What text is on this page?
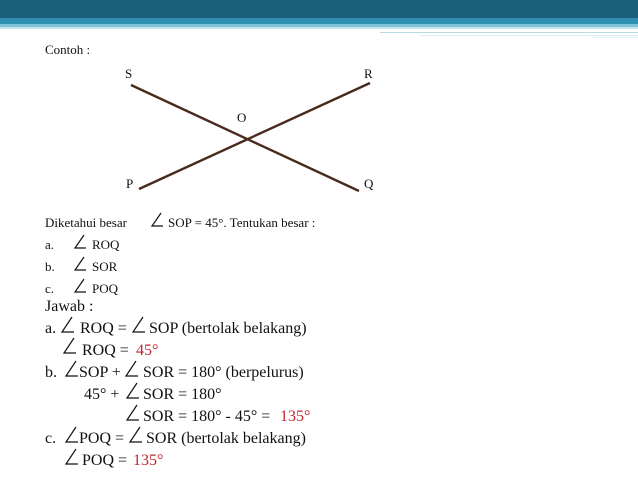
Contoh :
S	R
O
P	Q
Diketahui besar	SOP = 45°. Tentukan besar :
a.	ROQ
b.	SOR
c.	POQ
Jawab :
a. ROQ = SOP (bertolak belakang)
ROQ = 45°
b. SOP + SOR = 180° (berpelurus)
45° + SOR = 180°
SOR = 180° - 45° = 135°
c. POQ = SOR (bertolak belakang)
POQ = 135°
